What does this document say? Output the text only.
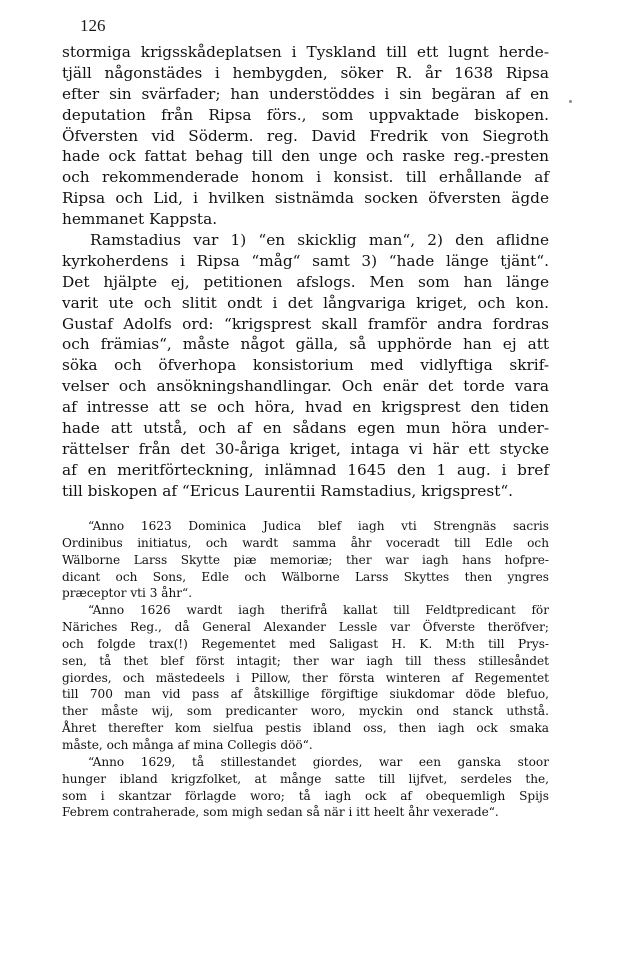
126
stormiga krigsskådeplatsen i Tyskland till ett lugnt herde-
tjäll någonstädes i hembygden, söker R. år 1638 Ripsa
efter sin svärfader; han understöddes i sin begäran af en
deputation från Ripsa förs., som uppvaktade biskopen.
Öfversten vid Söderm. reg. David Fredrik von Siegroth
hade ock fattat behag till den unge och raske reg.-presten
och rekommenderade honom i konsist. till erhållande af
Ripsa och Lid, i hvilken sistnämda socken öfversten ägde
hemmanet Kappsta.
Ramstadius var 1) “en skicklig man“, 2) den aflidne
kyrkoherdens i Ripsa “måg“ samt 3) “hade länge tjänt“.
Det hjälpte ej, petitionen afslogs. Men som han länge
varit ute och slitit ondt i det långvariga kriget, och kon.
Gustaf Adolfs ord: “krigsprest skall framför andra fordras
och främias“, måste något gälla, så upphörde han ej att
söka och öfverhopa konsistorium med vidlyftiga skrif-
velser och ansökningshandlingar. Och enär det torde vara
af intresse att se och höra, hvad en krigsprest den tiden
hade att utstå, och af en sådans egen mun höra under-
rättelser från det 30-åriga kriget, intaga vi här ett stycke
af en meritförteckning, inlämnad 1645 den 1 aug. i bref
till biskopen af “Ericus Laurentii Ramstadius, krigsprest“.
“Anno 1623 Dominica Judica blef iagh vti Strengnäs sacris
Ordinibus initiatus, och wardt samma åhr voceradt till Edle och
Wälborne Larss Skytte piæ memoriæ; ther war iagh hans hofpre-
dicant och Sons, Edle och Wälborne Larss Skyttes then yngres
præceptor vti 3 åhr“.
“Anno 1626 wardt iagh therifrå kallat till Feldtpredicant för
Näriches Reg., då General Alexander Lessle var Öfverste theröfver;
och folgde trax(!) Regementet med Saligast H. K. M:th till Prys-
sen, tå thet blef först intagit; ther war iagh till thess stillesåndet
giordes, och mästedeels i Pillow, ther första winteren af Regementet
till 700 man vid pass af åtskillige förgiftige siukdomar döde blefuo,
ther måste wij, som predicanter woro, myckin ond stanck uthstå.
Åhret therefter kom sielfua pestis ibland oss, then iagh ock smaka
måste, och många af mina Collegis döö“.
“Anno 1629, tå stillestandet giordes, war een ganska stoor
hunger ibland krigzfolket, at månge satte till lijfvet, serdeles the,
som i skantzar förlagde woro; tå iagh ock af obequemligh Spijs
Febrem contraherade, som migh sedan så när i itt heelt åhr vexerade“.
